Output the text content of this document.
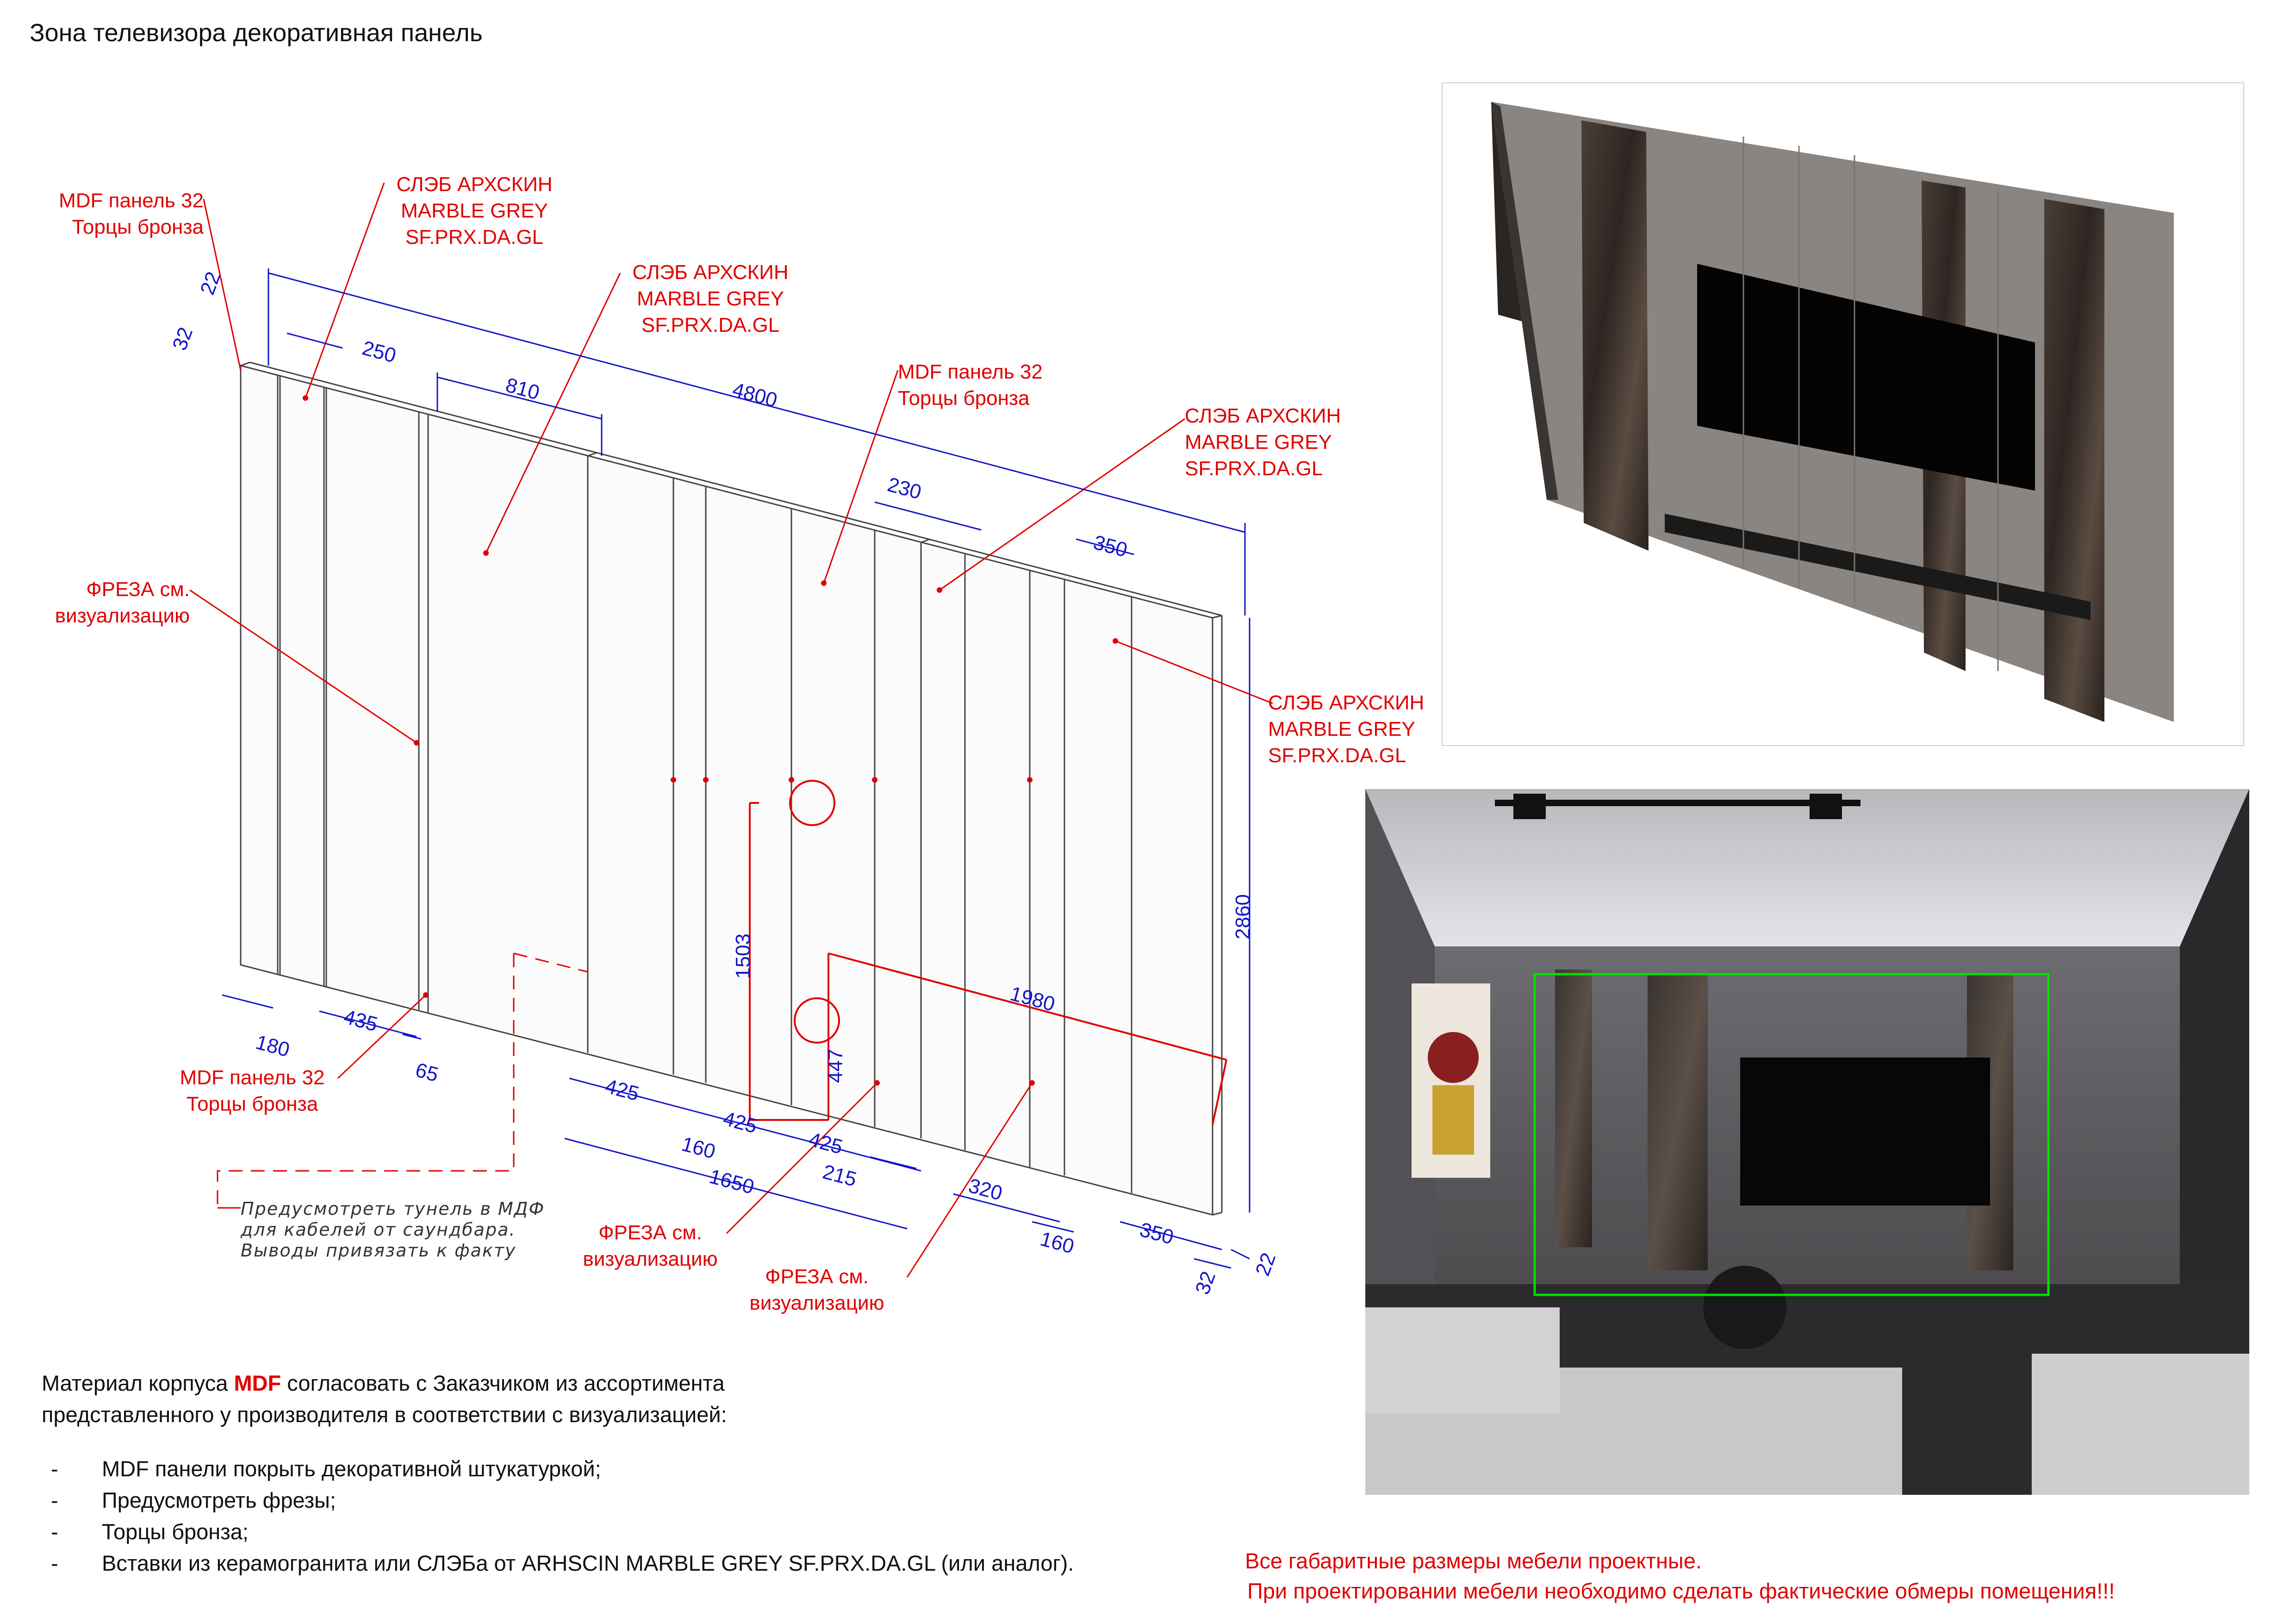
Зона телевизора декоративная панель
22
32	250
810	4800
230
350
2860
1503
1980
447
180
435
65
425
425
425
160
1650	215	320
160	350
32
22
Предусмотреть тунель в МДФ
для кабелей от саундбара.
Выводы привязать к факту
MDF панель 32
Торцы бронза
СЛЭБ АРХСКИН
MARBLE GREY
SF.PRX.DA.GL
СЛЭБ АРХСКИН
MARBLE GREY
SF.PRX.DA.GL
MDF панель 32
Торцы бронза
СЛЭБ АРХСКИН
MARBLE GREY
SF.PRX.DA.GL
СЛЭБ АРХСКИН
MARBLE GREY
SF.PRX.DA.GL
ФРЕЗА см.
визуализацию
MDF панель 32
Торцы бронза
ФРЕЗА см.
визуализацию
ФРЕЗА см.
визуализацию
Материал корпуса MDF согласовать с Заказчиком из ассортимента
представленного у производителя в соответствии с визуализацией:
-	MDF панели покрыть декоративной штукатуркой;
-	Предусмотреть фрезы;
-	Торцы бронза;
-	Вставки из керамогранита или СЛЭБа от ARHSCIN MARBLE GREY SF.PRX.DA.GL (или аналог).	Все габаритные размеры мебели проектные.
При проектировании мебели необходимо сделать фактические обмеры помещения!!!
